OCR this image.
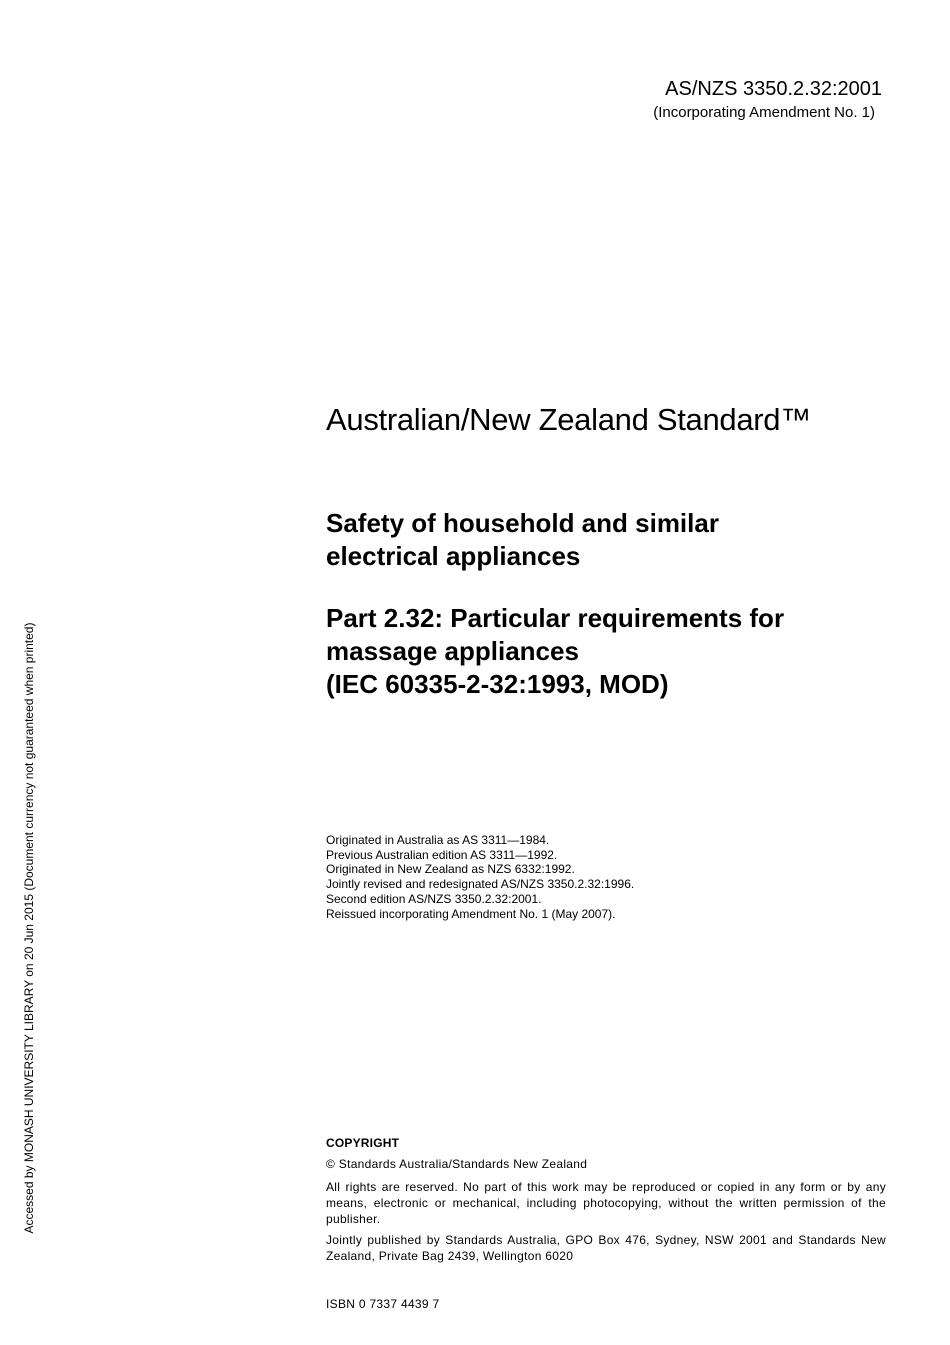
AS/NZS 3350.2.32:2001
(Incorporating Amendment No. 1)
Australian/New Zealand Standard™
Safety of household and similar
electrical appliances
Part 2.32: Particular requirements for
massage appliances
(IEC 60335-2-32:1993, MOD)
Originated in Australia as AS 3311—1984.
Previous Australian edition AS 3311—1992.
Originated in New Zealand as NZS 6332:1992.
Jointly revised and redesignated AS/NZS 3350.2.32:1996.
Second edition AS/NZS 3350.2.32:2001.
Reissued incorporating Amendment No. 1 (May 2007).
COPYRIGHT
© Standards Australia/Standards New Zealand
All rights are reserved. No part of this work may be reproduced or copied in any form or by any means, electronic or mechanical, including photocopying, without the written permission of the publisher.
Jointly published by Standards Australia, GPO Box 476, Sydney, NSW 2001 and Standards New Zealand, Private Bag 2439, Wellington 6020
ISBN 0 7337 4439 7
Accessed by MONASH UNIVERSITY LIBRARY on 20 Jun 2015 (Document currency not guaranteed when printed)
